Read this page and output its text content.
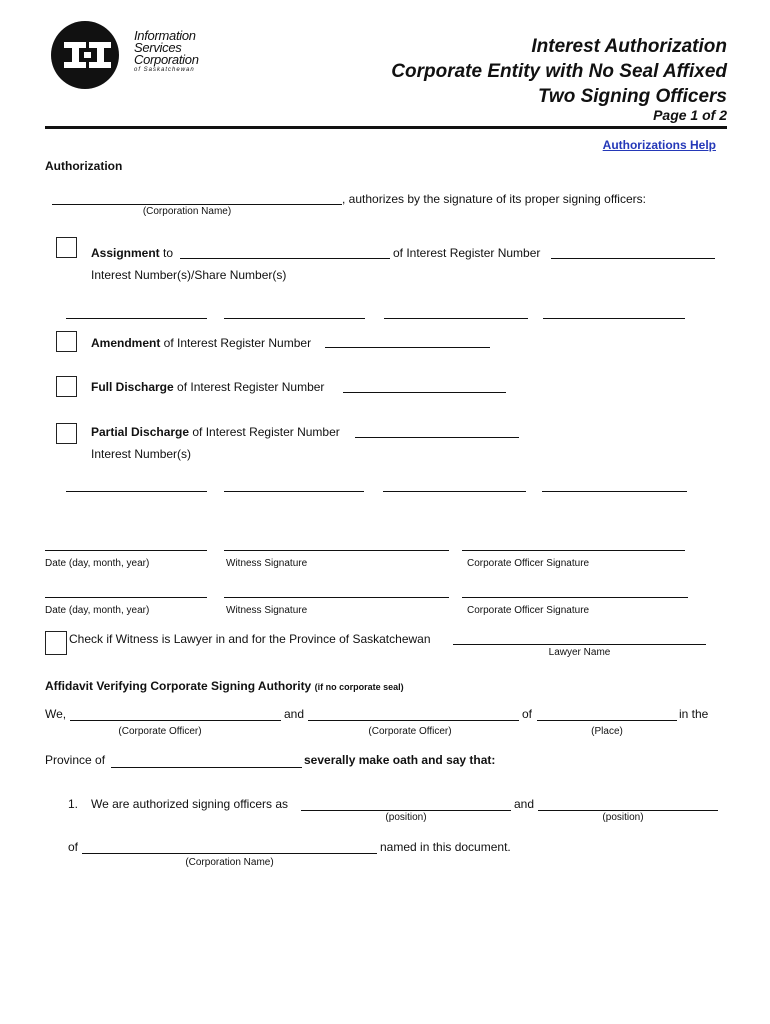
Information
Services
Corporation
of Saskatchewan
Interest Authorization
Corporate Entity with No Seal Affixed
Two Signing Officers
Page 1 of 2
Authorizations Help
Authorization
, authorizes by the signature of its proper signing officers:
(Corporation Name)
Assignment to	of Interest Register Number
Interest Number(s)/Share Number(s)
Amendment of Interest Register Number
Full Discharge of Interest Register Number
Partial Discharge of Interest Register Number
Interest Number(s)
Date (day, month, year)	Witness Signature	Corporate Officer Signature
Date (day, month, year)	Witness Signature	Corporate Officer Signature
Check if Witness is Lawyer in and for the Province of Saskatchewan
Lawyer Name
Affidavit Verifying Corporate Signing Authority (if no corporate seal)
We,	and	of	in the
(Corporate Officer)	(Corporate Officer)	(Place)
Province of	severally make oath and say that:
1. We are authorized signing officers as	and
(position)	(position)
of	named in this document.
(Corporation Name)
